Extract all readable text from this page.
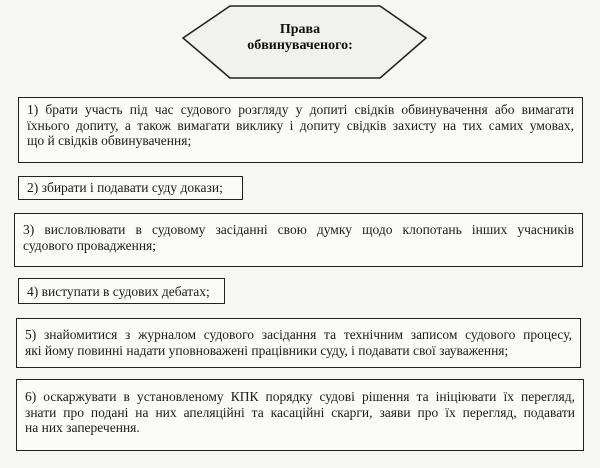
Права
обвинуваченого:
1) брати участь під час судового розгляду у допиті свідків обвинувачення або вимагати
їхнього допиту, а також вимагати виклику і допиту свідків захисту на тих самих умовах,
що й свідків обвинувачення;
2) збирати і подавати суду докази;
3) висловлювати в судовому засіданні свою думку щодо клопотань інших учасників
судового провадження;
4) виступати в судових дебатах;
5) знайомитися з журналом судового засідання та технічним записом судового процесу,
які йому повинні надати уповноважені працівники суду, і подавати свої зауваження;
6) оскаржувати в установленому КПК порядку судові рішення та ініціювати їх перегляд,
знати про подані на них апеляційні та касаційні скарги, заяви про їх перегляд, подавати
на них заперечення.
